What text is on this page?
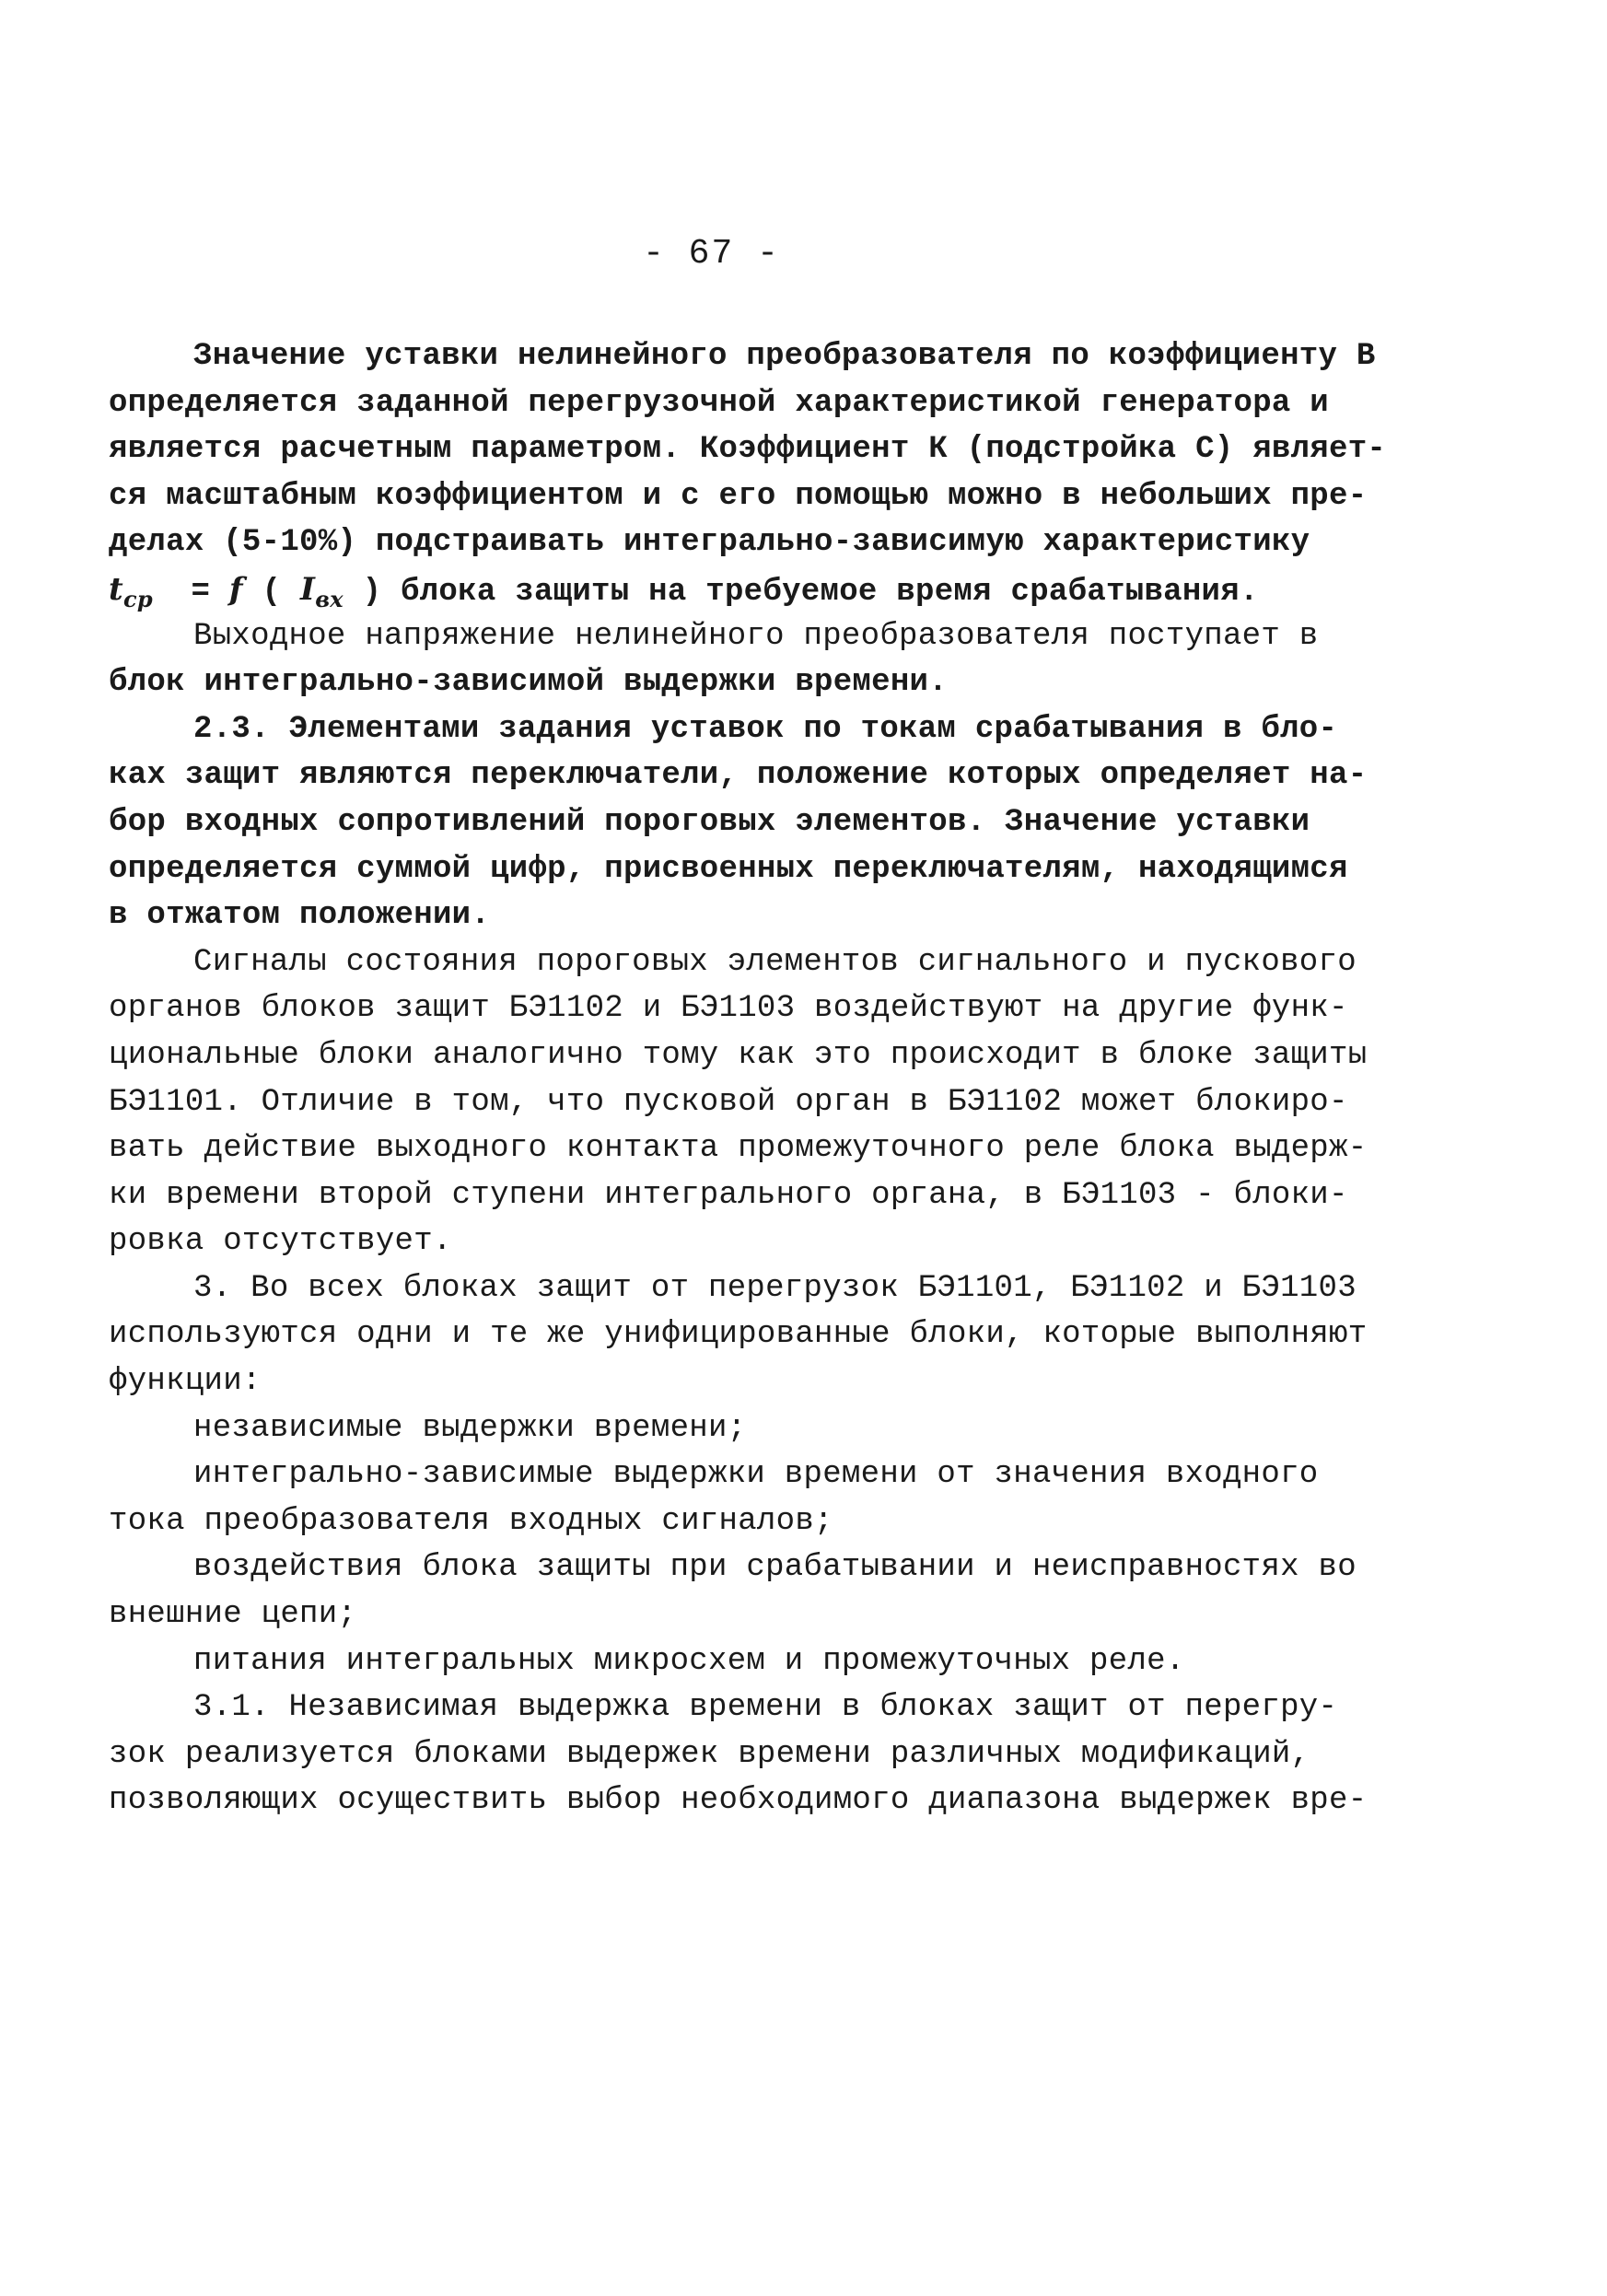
- 67 -
Значение уставки нелинейного преобразователя по коэффициенту В
определяется заданной перегрузочной характеристикой генератора и
является расчетным параметром. Коэффициент К (подстройка С) являет-
ся масштабным коэффициентом и с его помощью можно в небольших пре-
делах (5-10%) подстраивать интегрально-зависимую характеристику
$t_{ср} = f$ ( $I_{вх}$ ) блока защиты на требуемое время срабатывания.
Выходное напряжение нелинейного преобразователя поступает в
блок интегрально-зависимой выдержки времени.
2.3. Элементами задания уставок по токам срабатывания в бло-
ках защит являются переключатели, положение которых определяет на-
бор входных сопротивлений пороговых элементов. Значение уставки
определяется суммой цифр, присвоенных переключателям, находящимся
в отжатом положении.
Сигналы состояния пороговых элементов сигнального и пускового
органов блоков защит БЭ1102 и БЭ1103 воздействуют на другие функ-
циональные блоки аналогично тому как это происходит в блоке защиты
БЭ1101. Отличие в том, что пусковой орган в БЭ1102 может блокиро-
вать действие выходного контакта промежуточного реле блока выдерж-
ки времени второй ступени интегрального органа, в БЭ1103 - блоки-
ровка отсутствует.
3. Во всех блоках защит от перегрузок БЭ1101, БЭ1102 и БЭ1103
используются одни и те же унифицированные блоки, которые выполняют
функции:
независимые выдержки времени;
интегрально-зависимые выдержки времени от значения входного
тока преобразователя входных сигналов;
воздействия блока защиты при срабатывании и неисправностях во
внешние цепи;
питания интегральных микросхем и промежуточных реле.
3.1. Независимая выдержка времени в блоках защит от перегру-
зок реализуется блоками выдержек времени различных модификаций,
позволяющих осуществить выбор необходимого диапазона выдержек вре-
